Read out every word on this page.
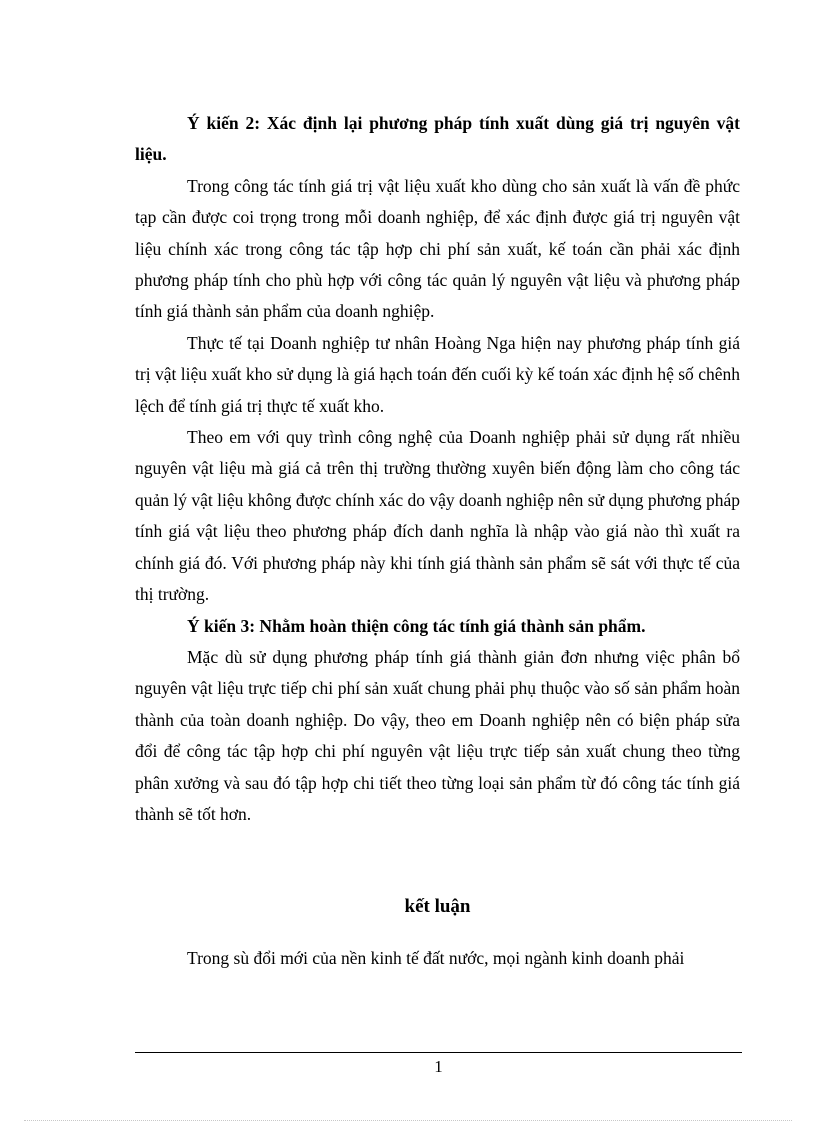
Ý kiến 2: Xác định lại phương pháp tính xuất dùng giá trị nguyên vật liệu.

Trong công tác tính giá trị vật liệu xuất kho dùng cho sản xuất là vấn đề phức tạp cần được coi trọng trong mỗi doanh nghiệp, để xác định được giá trị nguyên vật liệu chính xác trong công tác tập hợp chi phí sản xuất, kế toán cần phải xác định phương pháp tính cho phù hợp với công tác quản lý nguyên vật liệu và phương pháp tính giá thành sản phẩm của doanh nghiệp.

Thực tế tại Doanh nghiệp tư nhân Hoàng Nga hiện nay phương pháp tính giá trị vật liệu xuất kho sử dụng là giá hạch toán đến cuối kỳ kế toán xác định hệ số chênh lệch để tính giá trị thực tế xuất kho.

Theo em với quy trình công nghệ của Doanh nghiệp phải sử dụng rất nhiều nguyên vật liệu mà giá cả trên thị trường thường xuyên biến động làm cho công tác quản lý vật liệu không được chính xác do vậy doanh nghiệp nên sử dụng phương pháp tính giá vật liệu theo phương pháp đích danh nghĩa là nhập vào giá nào thì xuất ra chính giá đó. Với phương pháp này khi tính giá thành sản phẩm sẽ sát với thực tế của thị trường.

Ý kiến 3: Nhằm hoàn thiện công tác tính giá thành sản phẩm.

Mặc dù sử dụng phương pháp tính giá thành giản đơn nhưng việc phân bổ nguyên vật liệu trực tiếp chi phí sản xuất chung phải phụ thuộc vào số sản phẩm hoàn thành của toàn doanh nghiệp. Do vậy, theo em Doanh nghiệp nên có biện pháp sửa đổi để công tác tập hợp chi phí nguyên vật liệu trực tiếp sản xuất chung theo từng phân xưởng và sau đó tập hợp chi tiết theo từng loại sản phẩm từ đó công tác tính giá thành sẽ tốt hơn.

kết luận

Trong sù đổi mới của nền kinh tế đất nước, mọi ngành kinh doanh phải

1
